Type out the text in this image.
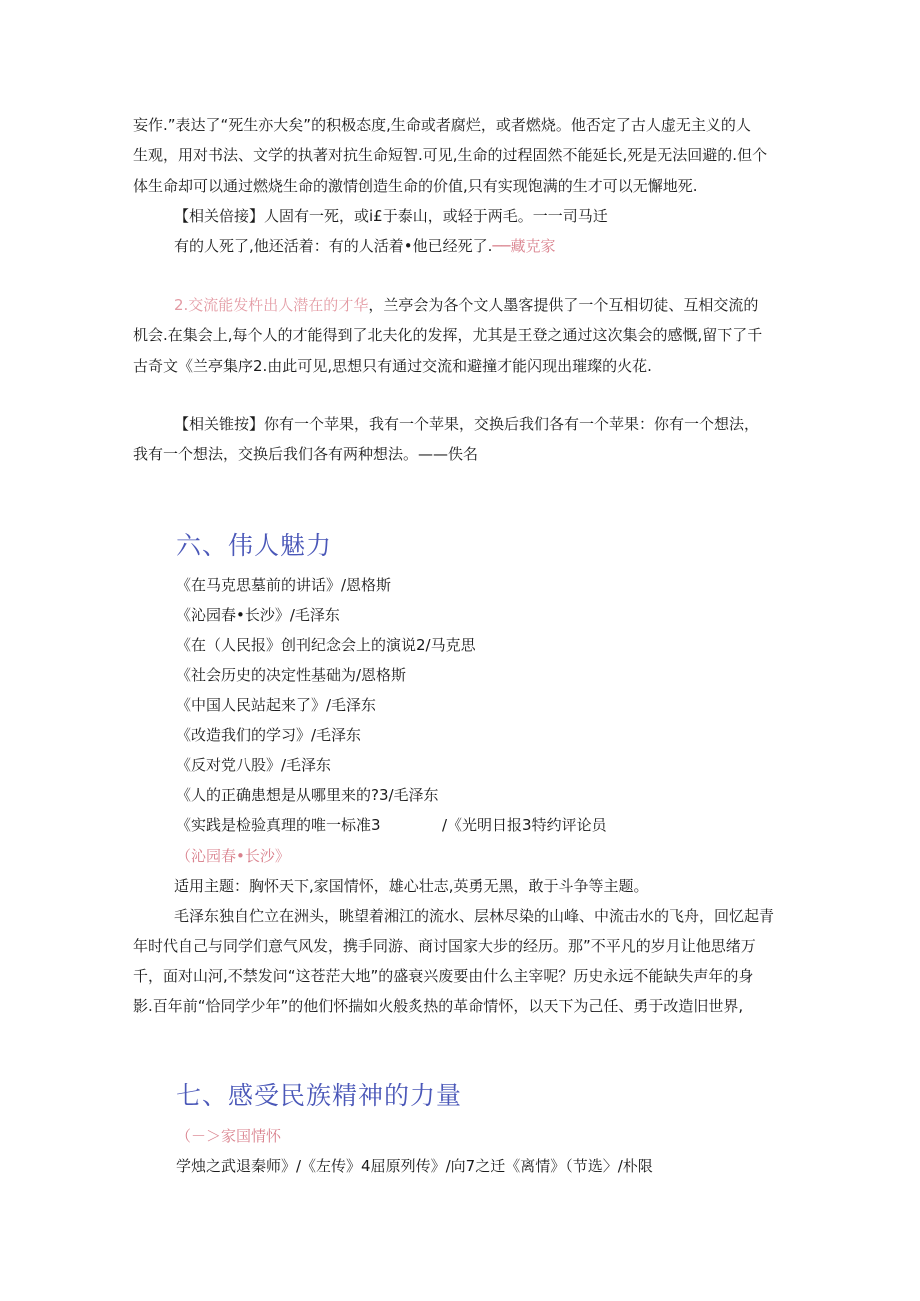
妄作.”表达了“死生亦大矣”的积极态度,生命或者腐烂，或者燃烧。他否定了古人虚无主义的人
生观，用对书法、文学的执著对抗生命短智.可见,生命的过程固然不能延长,死是无法回避的.但个
体生命却可以通过燃烧生命的激情创造生命的价值,只有实现饱满的生才可以无懈地死.
【相关倍接】人固有一死，或i£于泰山，或轻于两毛。一一司马迁
有的人死了,他还活着：有的人活着•他已经死了.──藏克家
2.交流能发杵出人潜在的才华，兰亭会为各个文人墨客提供了一个互相切徒、互相交流的
机会.在集会上,每个人的才能得到了北夫化的发挥，尤其是王登之通过这次集会的感慨,留下了千
古奇文《兰亭集序2.由此可见,思想只有通过交流和避撞才能闪现出璀璨的火花.
【相关锥按】你有一个苹果，我有一个苹果，交换后我们各有一个苹果：你有一个想法，
我有一个想法，交换后我们各有两种想法。——佚名
六、伟人魅力
《在马克思墓前的讲话》/恩格斯
《沁园春•长沙》/毛泽东
《在（人民报》创刊纪念会上的演说2/马克思
《社会历史的决定性基础为/恩格斯
《中国人民站起来了》/毛泽东
《改造我们的学习》/毛泽东
《反对党八股》/毛泽东
《人的正确患想是从哪里来的?3/毛泽东
《实践是检验真理的唯一标准3	/《光明日报3特约评论员
（沁园春•长沙》
适用主题：胸怀天下,家国情怀，雄心壮志,英勇无黑，敢于斗争等主题。
毛泽东独自伫立在洲头，眺望着湘江的流水、层林尽染的山峰、中流击水的飞舟，回忆起青
年时代自己与同学们意气风发，携手同游、商讨国家大步的经历。那”不平凡的岁月让他思绪万
千，面对山河,不禁发问“这苍茫大地”的盛衰兴废要由什么主宰呢？历史永远不能缺失声年的身
影.百年前“恰同学少年”的他们怀揣如火般炙热的革命情怀，以天下为己任、勇于改造旧世界,
七、感受民族精神的力量
（－＞家国情怀
学烛之武退秦师》/《左传》4屈原列传》/向7之迁《离情》（节选〉/朴限
